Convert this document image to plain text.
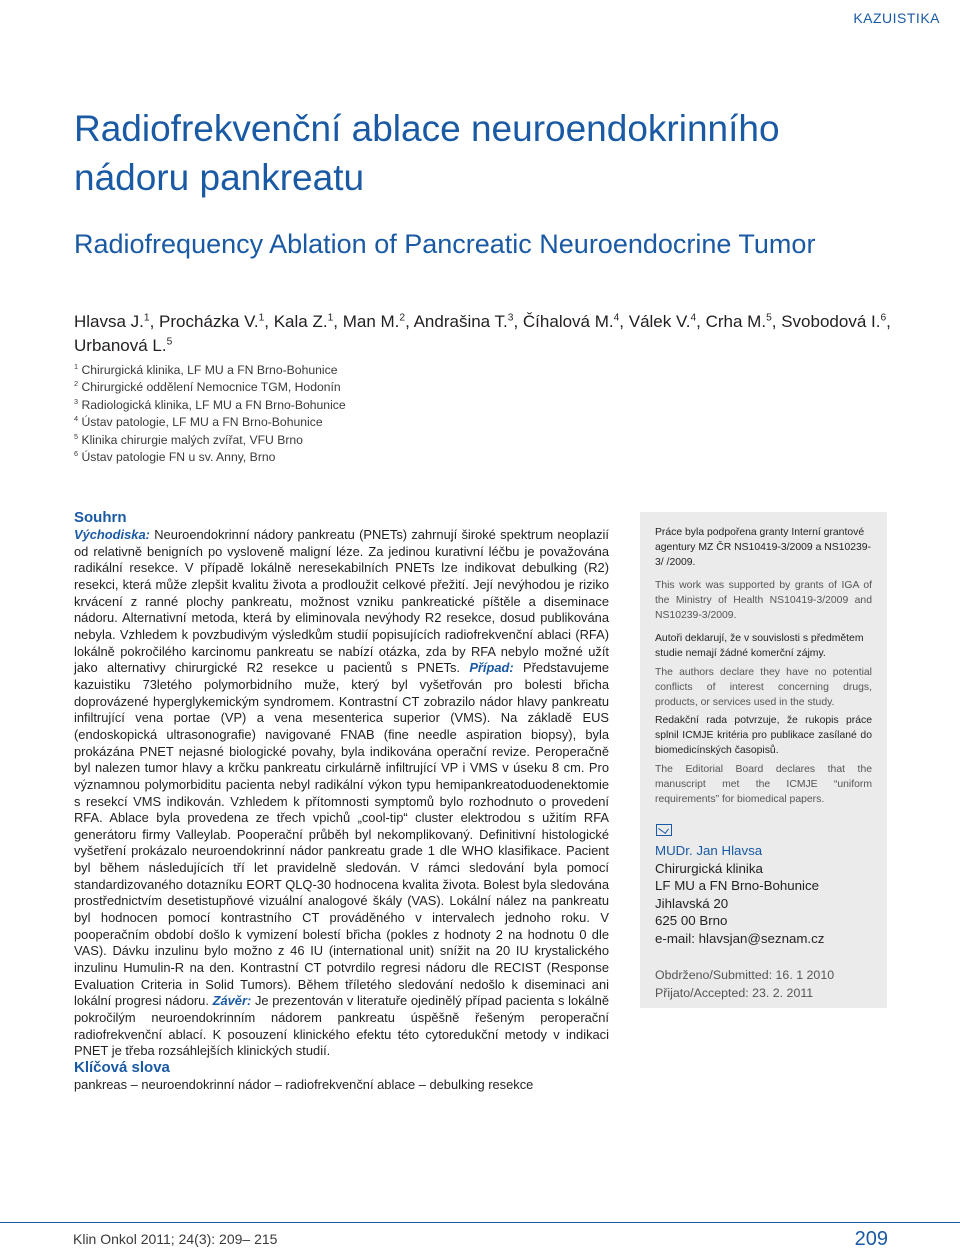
KAZUISTIKA
Radiofrekvenční ablace neuroendokrinního
nádoru pankreatu
Radiofrequency Ablation of Pancreatic Neuroendocrine Tumor
Hlavsa J.$^1$, Procházka V.$^1$, Kala Z.$^1$, Man M.$^2$, Andrašina T.$^3$, Číhalová M.$^4$, Válek V.$^4$, Crha M.$^5$, Svobodová I.$^6$, Urbanová L.$^5$
$^1$ Chirurgická klinika, LF MU a FN Brno-Bohunice
$^2$ Chirurgické oddělení Nemocnice TGM, Hodonín
$^3$ Radiologická klinika, LF MU a FN Brno-Bohunice
$^4$ Ústav patologie, LF MU a FN Brno-Bohunice
$^5$ Klinika chirurgie malých zvířat, VFU Brno
$^6$ Ústav patologie FN u sv. Anny, Brno
Souhrn
Východiska: Neuroendokrinní nádory pankreatu (PNETs) zahrnují široké spektrum neoplazií od relativně benigních po vysloveně maligní léze. Za jedinou kurativní léčbu je považována radikální resekce. V případě lokálně neresekabilních PNETs lze indikovat debulking (R2) resekci, která může zlepšit kvalitu života a prodloužit celkové přežití. Její nevýhodou je riziko krvácení z ranné plochy pankreatu, možnost vzniku pankreatické píštěle a diseminace nádoru. Alternativní metoda, která by eliminovala nevýhody R2 resekce, dosud publikována nebyla. Vzhledem k povzbudivým výsledkům studií popisujících radiofrekvenční ablaci (RFA) lokálně pokročilého karcinomu pankreatu se nabízí otázka, zda by RFA nebylo možné užít jako alternativy chirurgické R2 resekce u pacientů s PNETs. Případ: Představujeme kazuistiku 73letého polymorbidního muže, který byl vyšetřován pro bolesti břicha doprovázené hyperglykemickým syndromem. Kontrastní CT zobrazilo nádor hlavy pankreatu infiltrující vena portae (VP) a vena mesenterica superior (VMS). Na základě EUS (endoskopická ultrasonografie) navigované FNAB (fine needle aspiration biopsy), byla prokázána PNET nejasné biologické povahy, byla indikována operační revize. Peroperačně byl nalezen tumor hlavy a krčku pankreatu cirkulárně infiltrující VP i VMS v úseku 8 cm. Pro významnou polymorbiditu pacienta nebyl radikální výkon typu hemipankreatoduodenektomie s resekcí VMS indikován. Vzhledem k přítomnosti symptomů bylo rozhodnuto o provedení RFA. Ablace byla provedena ze třech vpichů „cool-tip“ cluster elektrodou s užitím RFA generátoru firmy Valleylab. Pooperační průběh byl nekomplikovaný. Definitivní histologické vyšetření prokázalo neuroendokrinní nádor pankreatu grade 1 dle WHO klasifikace. Pacient byl během následujících tří let pravidelně sledován. V rámci sledování byla pomocí standardizovaného dotazníku EORT QLQ-30 hodnocena kvalita života. Bolest byla sledována prostřednictvím desetistupňové vizuální analogové škály (VAS). Lokální nález na pankreatu byl hodnocen pomocí kontrastního CT prováděného v intervalech jednoho roku. V pooperačním období došlo k vymizení bolestí břicha (pokles z hodnoty 2 na hodnotu 0 dle VAS). Dávku inzulinu bylo možno z 46 IU (international unit) snížit na 20 IU krystalického inzulinu Humulin-R na den. Kontrastní CT potvrdilo regresi nádoru dle RECIST (Response Evaluation Criteria in Solid Tumors). Během tříletého sledování nedošlo k diseminaci ani lokální progresi nádoru. Závěr: Je prezentován v literatuře ojedinělý případ pacienta s lokálně pokročilým neuroendokrinním nádorem pankreatu úspěšně řešeným peroperační radiofrekvenční ablací. K posouzení klinického efektu této cytoredukční metody v indikaci PNET je třeba rozsáhlejších klinických studií.
Práce byla podpořena granty Interní grantové agentury MZ ČR NS10419-3/2009 a NS10239-3/ /2009.
This work was supported by grants of IGA of the Ministry of Health NS10419-3/2009 and NS10239-3/2009.
Autoři deklarují, že v souvislosti s předmětem studie nemají žádné komerční zájmy.
The authors declare they have no potential conflicts of interest concerning drugs, products, or services used in the study.
Redakční rada potvrzuje, že rukopis práce splnil ICMJE kritéria pro publikace zasílané do biomedicínských časopisů.
The Editorial Board declares that the manuscript met the ICMJE “uniform requirements” for biomedical papers.
MUDr. Jan Hlavsa
Chirurgická klinika
LF MU a FN Brno-Bohunice
Jihlavská 20
625 00 Brno
e-mail: hlavsjan@seznam.cz
Obdrženo/Submitted: 16. 1 2010
Přijato/Accepted: 23. 2. 2011
Klíčová slova
pankreas – neuroendokrinní nádor – radiofrekvenční ablace – debulking resekce
Klin Onkol 2011; 24(3): 209– 215	209
